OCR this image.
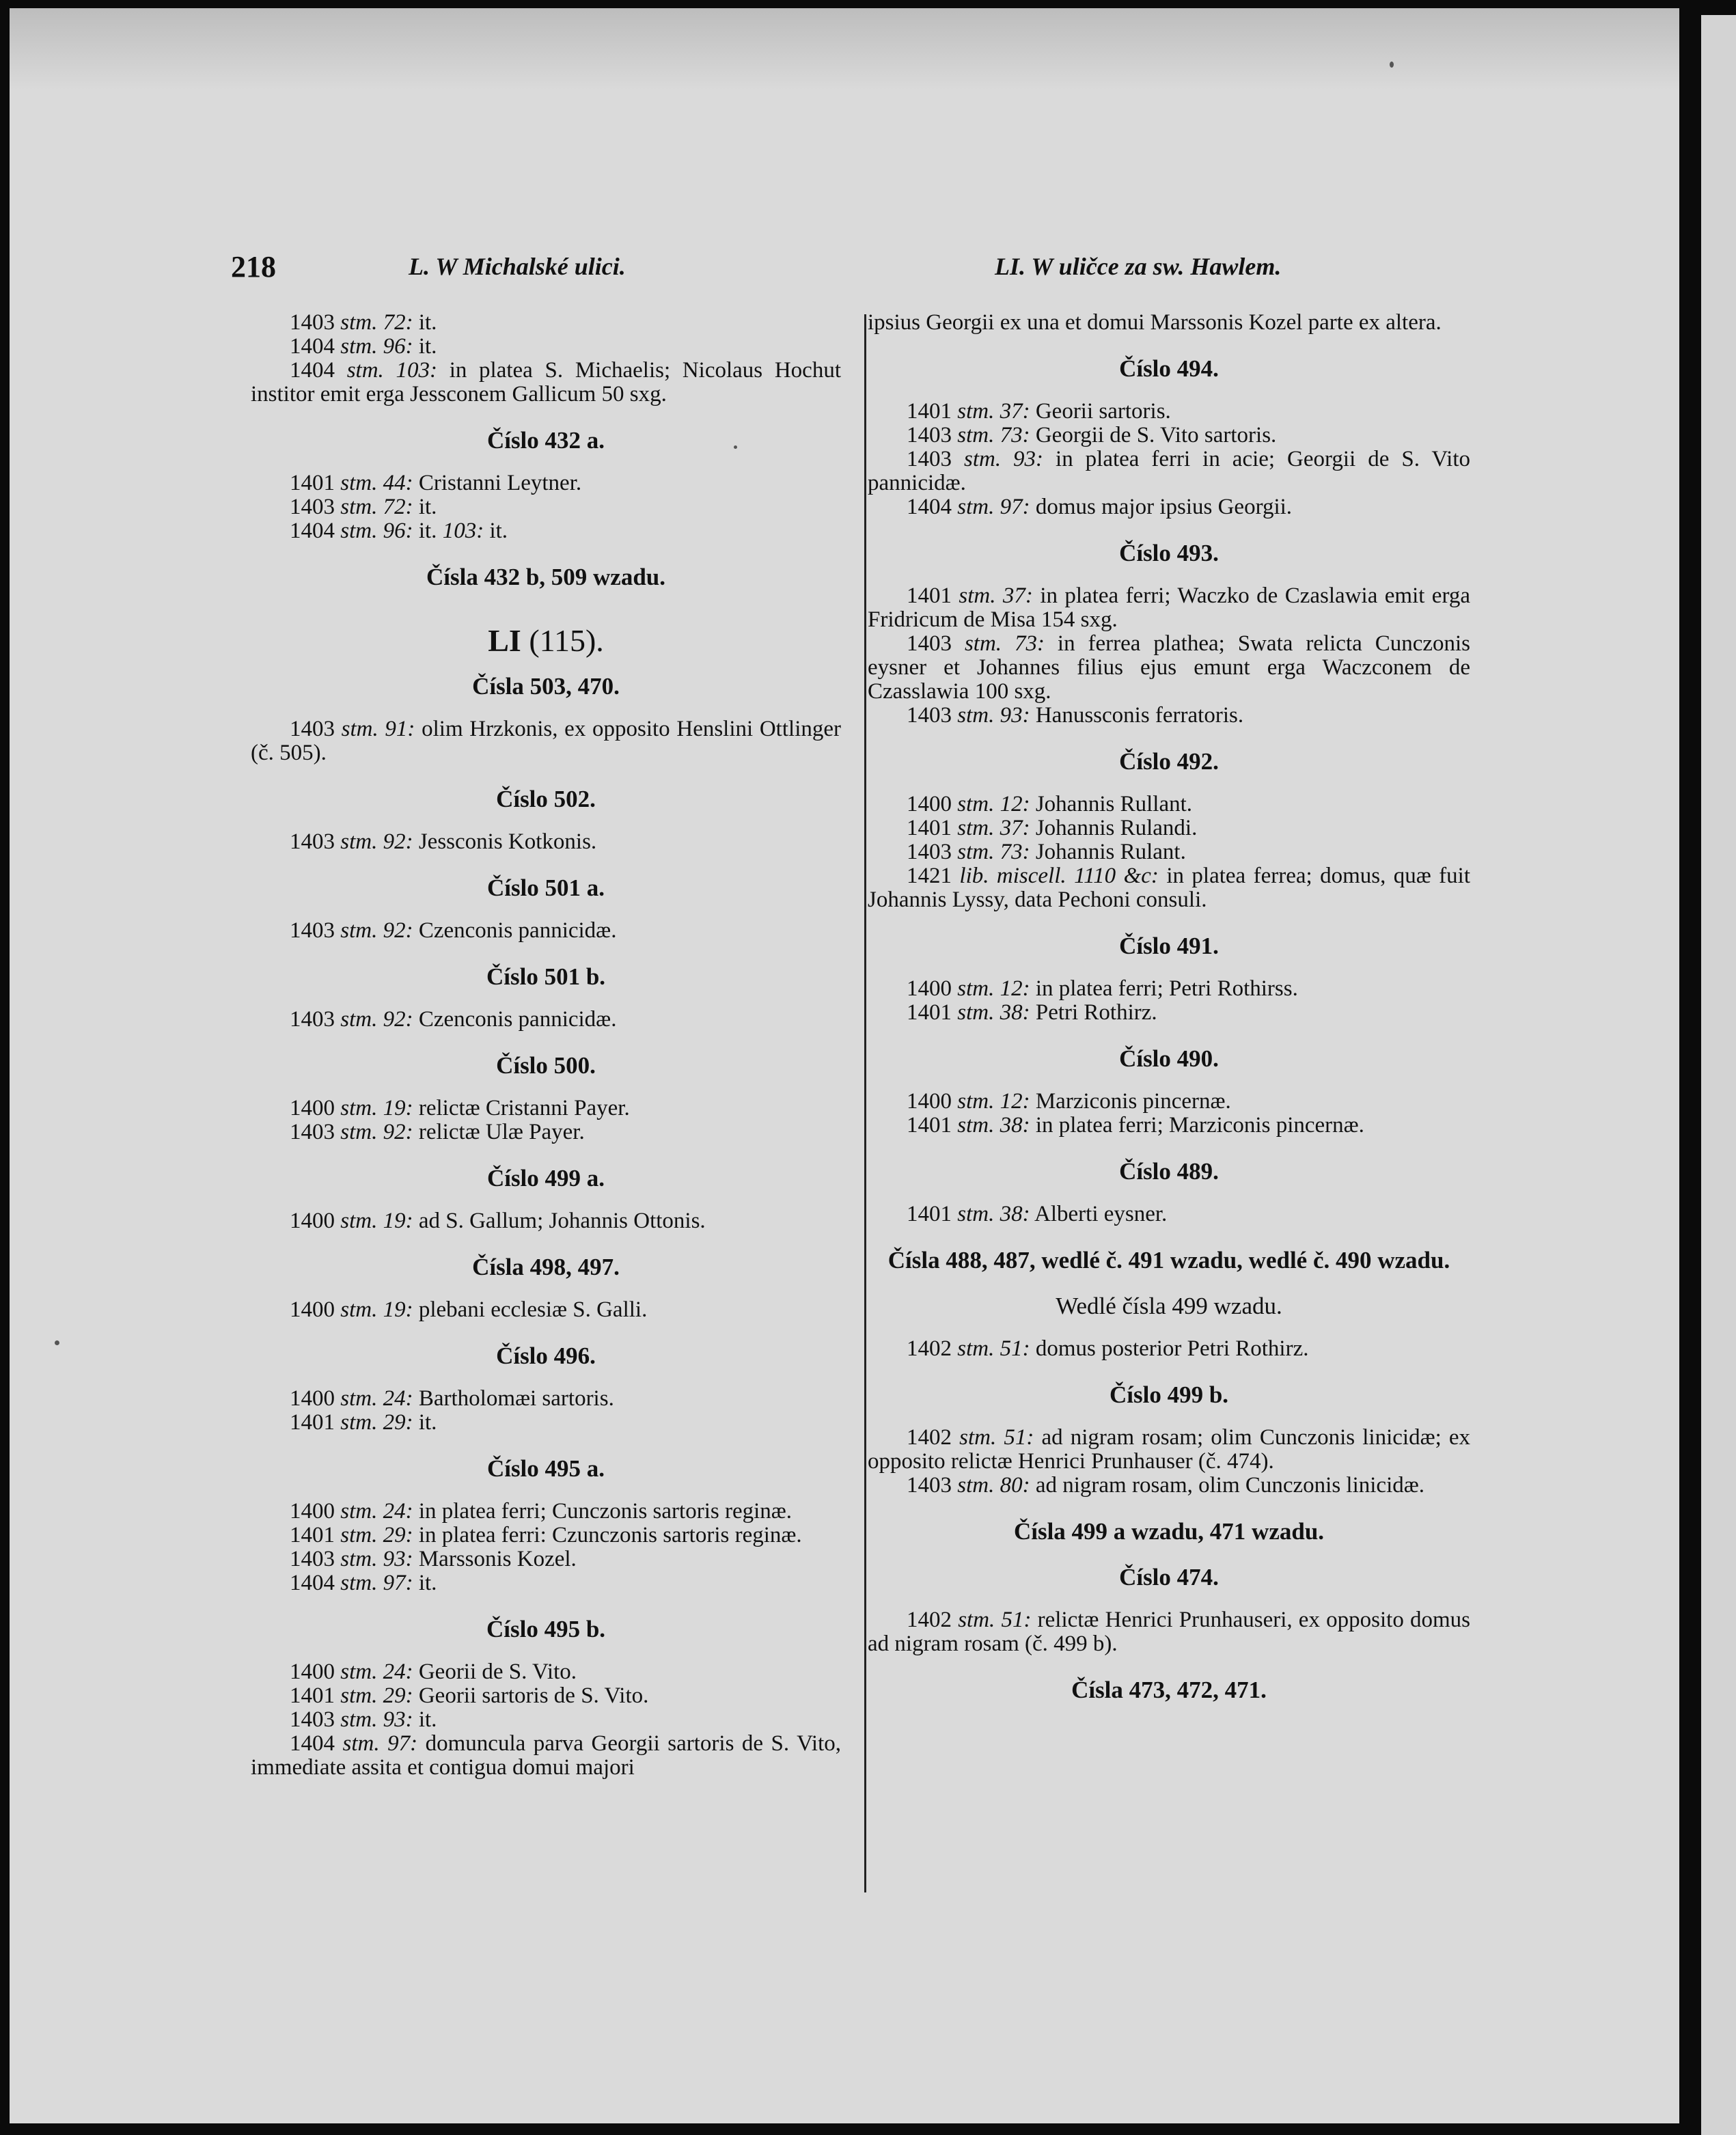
218	L. W Michalské ulici.	LI. W uličce za sw. Hawlem.

1403 stm. 72: it.

1404 stm. 96: it.

1404 stm. 103: in platea S. Michaelis; Nicolaus Hochut institor emit erga Jessconem Gallicum 50 sxg.

Číslo 432 a.

1401 stm. 44: Cristanni Leytner.

1403 stm. 72: it.

1404 stm. 96: it. 103: it.

Čísla 432 b, 509 wzadu.

LI (115).

Čísla 503, 470.

1403 stm. 91: olim Hrzkonis, ex opposito Henslini Ottlinger (č. 505).

Číslo 502.

1403 stm. 92: Jessconis Kotkonis.

Číslo 501 a.

1403 stm. 92: Czenconis pannicidæ.

Číslo 501 b.

1403 stm. 92: Czenconis pannicidæ.

Číslo 500.

1400 stm. 19: relictæ Cristanni Payer.

1403 stm. 92: relictæ Ulæ Payer.

Číslo 499 a.

1400 stm. 19: ad S. Gallum; Johannis Ottonis.

Čísla 498, 497.

1400 stm. 19: plebani ecclesiæ S. Galli.

Číslo 496.

1400 stm. 24: Bartholomæi sartoris.

1401 stm. 29: it.

Číslo 495 a.

1400 stm. 24: in platea ferri; Cunczonis sartoris reginæ.

1401 stm. 29: in platea ferri: Czunczonis sartoris reginæ.

1403 stm. 93: Marssonis Kozel.

1404 stm. 97: it.

Číslo 495 b.

1400 stm. 24: Georii de S. Vito.

1401 stm. 29: Georii sartoris de S. Vito.

1403 stm. 93: it.

1404 stm. 97: domuncula parva Georgii sartoris de S. Vito, immediate assita et contigua domui majori

ipsius Georgii ex una et domui Marssonis Kozel parte ex altera.

Číslo 494.

1401 stm. 37: Georii sartoris.

1403 stm. 73: Georgii de S. Vito sartoris.

1403 stm. 93: in platea ferri in acie; Georgii de S. Vito pannicidæ.

1404 stm. 97: domus major ipsius Georgii.

Číslo 493.

1401 stm. 37: in platea ferri; Waczko de Czaslawia emit erga Fridricum de Misa 154 sxg.

1403 stm. 73: in ferrea plathea; Swata relicta Cunczonis eysner et Johannes filius ejus emunt erga Waczconem de Czasslawia 100 sxg.

1403 stm. 93: Hanussconis ferratoris.

Číslo 492.

1400 stm. 12: Johannis Rullant.

1401 stm. 37: Johannis Rulandi.

1403 stm. 73: Johannis Rulant.

1421 lib. miscell. 1110 &c: in platea ferrea; domus, quæ fuit Johannis Lyssy, data Pechoni consuli.

Číslo 491.

1400 stm. 12: in platea ferri; Petri Rothirss.

1401 stm. 38: Petri Rothirz.

Číslo 490.

1400 stm. 12: Marziconis pincernæ.

1401 stm. 38: in platea ferri; Marziconis pincernæ.

Číslo 489.

1401 stm. 38: Alberti eysner.

Čísla 488, 487, wedlé č. 491 wzadu, wedlé č. 490 wzadu.

Wedlé čísla 499 wzadu.

1402 stm. 51: domus posterior Petri Rothirz.

Číslo 499 b.

1402 stm. 51: ad nigram rosam; olim Cunczonis linicidæ; ex opposito relictæ Henrici Prunhauser (č. 474).

1403 stm. 80: ad nigram rosam, olim Cunczonis linicidæ.

Čísla 499 a wzadu, 471 wzadu.

Číslo 474.

1402 stm. 51: relictæ Henrici Prunhauseri, ex opposito domus ad nigram rosam (č. 499 b).

Čísla 473, 472, 471.
